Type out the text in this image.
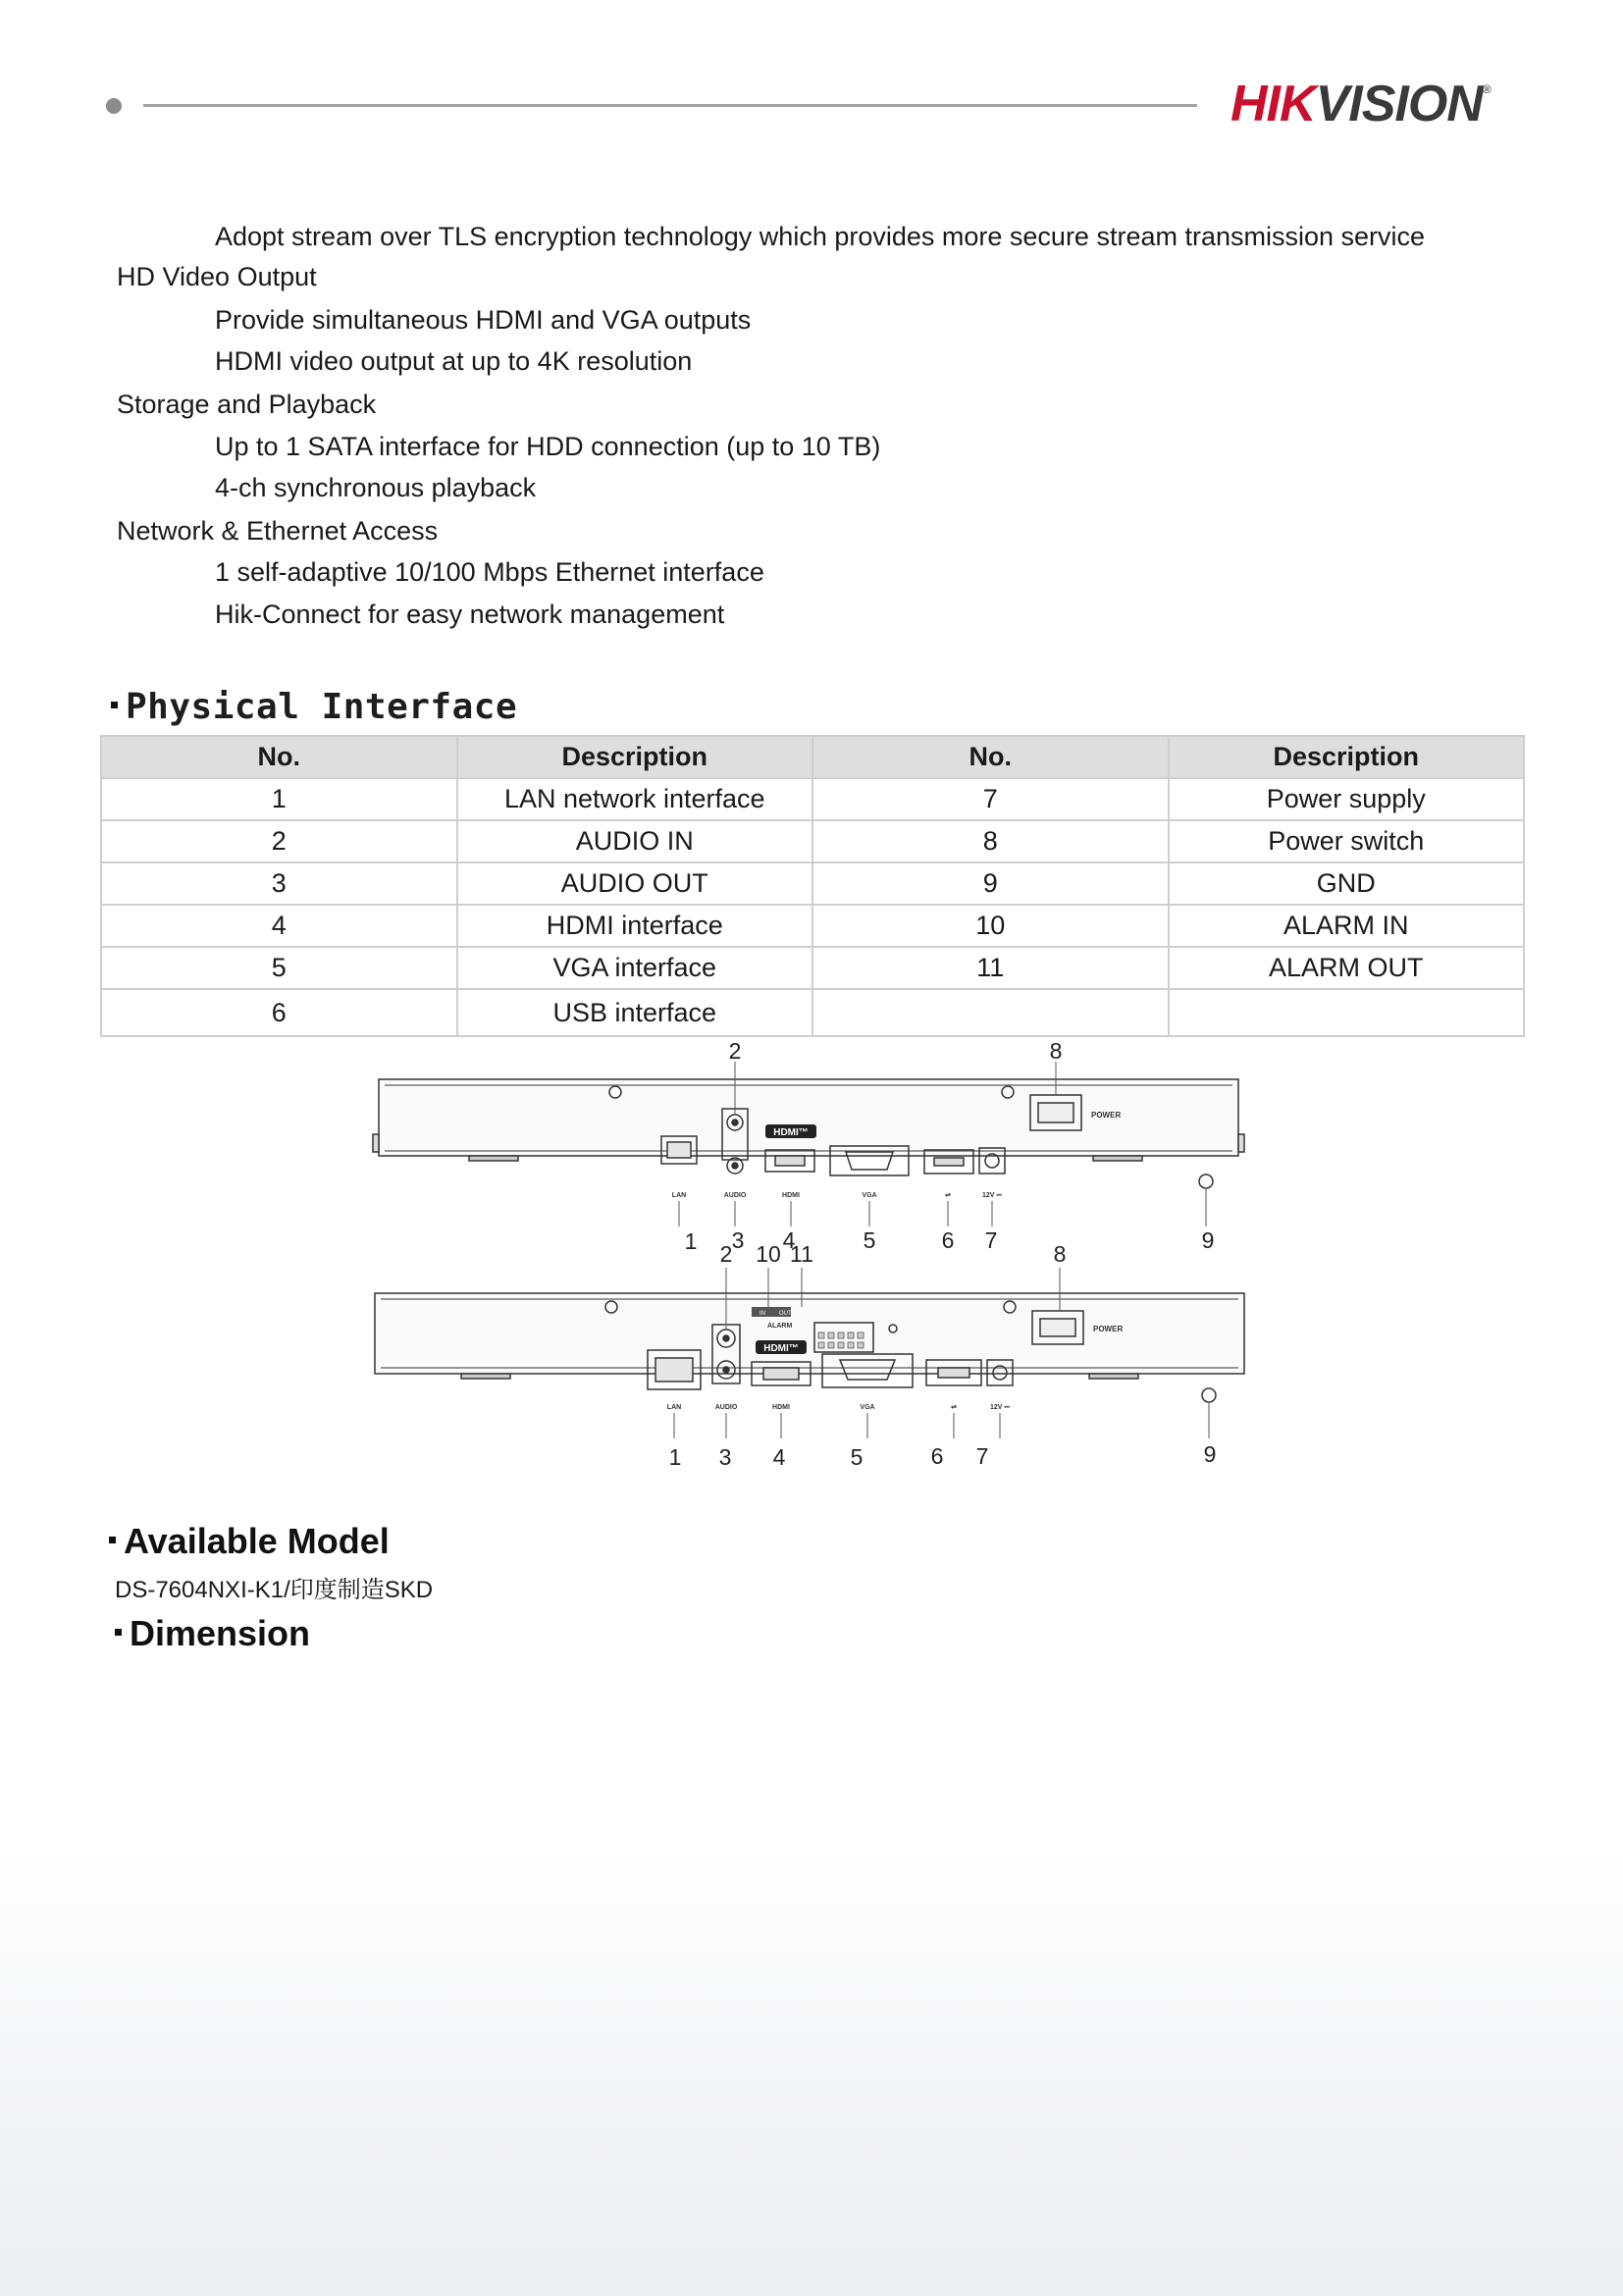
HIKVISION®
Adopt stream over TLS encryption technology which provides more secure stream transmission service
HD Video Output
Provide simultaneous HDMI and VGA outputs
HDMI video output at up to 4K resolution
Storage and Playback
Up to 1 SATA interface for HDD connection (up to 10 TB)
4-ch synchronous playback
Network & Ethernet Access
1 self-adaptive 10/100 Mbps Ethernet interface
Hik-Connect for easy network management
Physical Interface
No.	Description	No.	Description
1	LAN network interface	7	Power supply
2	AUDIO IN	8	Power switch
3	AUDIO OUT	9	GND
4	HDMI interface	10	ALARM IN
5	VGA interface	11	ALARM OUT
6	USB interface		
HDMI™
POWER
LAN	AUDIO	HDMI	VGA	⇌	12V ⎓
2	8
1 3 4	5	6 7	9
2 10 11	8
ALARM
IN OUT
HDMI™
POWER
LAN	AUDIO	HDMI	VGA	⇌	12V ⎓
1 3 4	5	6 7	9
Available Model
DS-7604NXI-K1/印度制造SKD
Dimension
